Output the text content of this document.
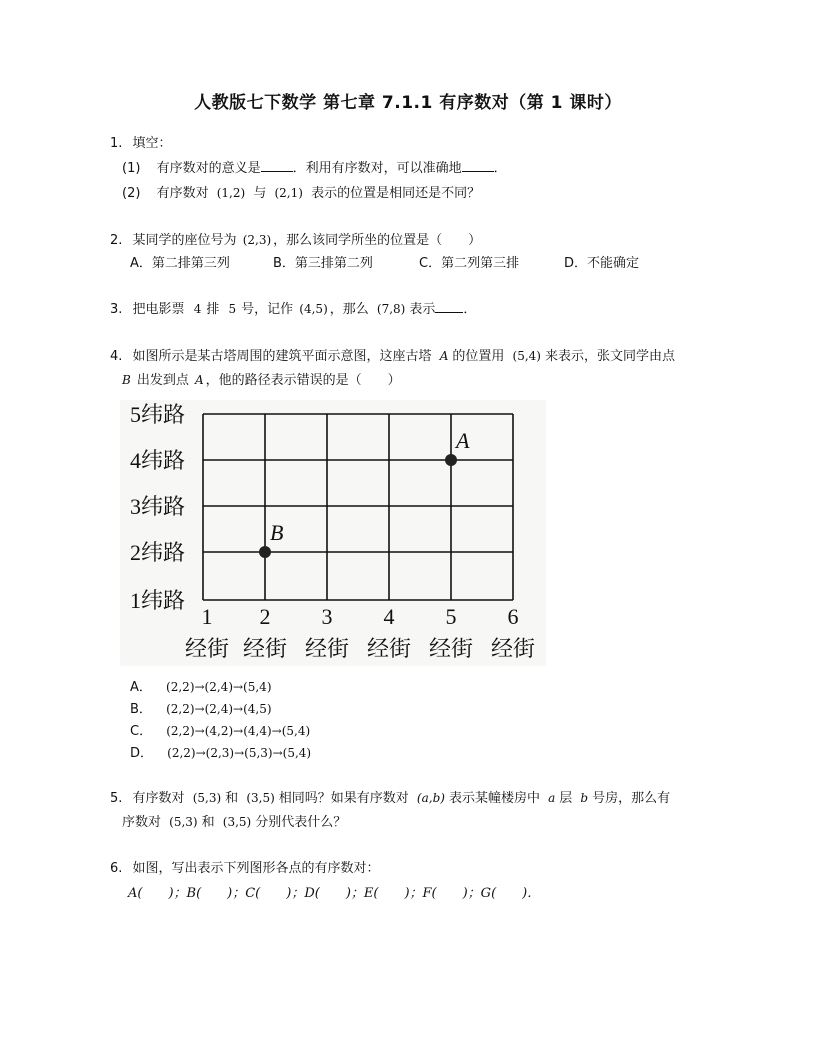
人教版七下数学 第七章 7.1.1 有序数对（第 1 课时）
1. 填空：
(1) 有序数对的意义是 ．利用有序数对，可以准确地 ．
(2) 有序数对 (1,2) 与 (2,1) 表示的位置是相同还是不同？
2. 某同学的座位号为 (2,3) ，那么该同学所坐的位置是（　　）
A．第二排第三列	B．第三排第二列	C．第二列第三排	D．不能确定
3. 把电影票 4 排 5 号，记作 (4,5) ，那么 (7,8) 表示 ．
4. 如图所示是某古塔周围的建筑平面示意图，这座古塔 A 的位置用 (5,4) 来表示，张文同学由点
B 出发到点 A ，他的路径表示错误的是（　　）
5纬路
4纬路
3纬路
2纬路
1纬路
1 2 3 4 5 6
经街 经街 经街 经街 经街 经街
A
B
A． (2,2)→(2,4)→(5,4)
B． (2,2)→(2,4)→(4,5)
C． (2,2)→(4,2)→(4,4)→(5,4)
D． (2,2)→(2,3)→(5,3)→(5,4)
5. 有序数对 (5,3) 和 (3,5) 相同吗？如果有序数对 (a,b) 表示某幢楼房中 a 层 b 号房，那么有
序数对 (5,3) 和 (3,5) 分别代表什么？
6. 如图，写出表示下列图形各点的有序数对：
A(　　)；B(　　)；C(　　)；D(　　)；E(　　)；F(　　)；G(　　)．
